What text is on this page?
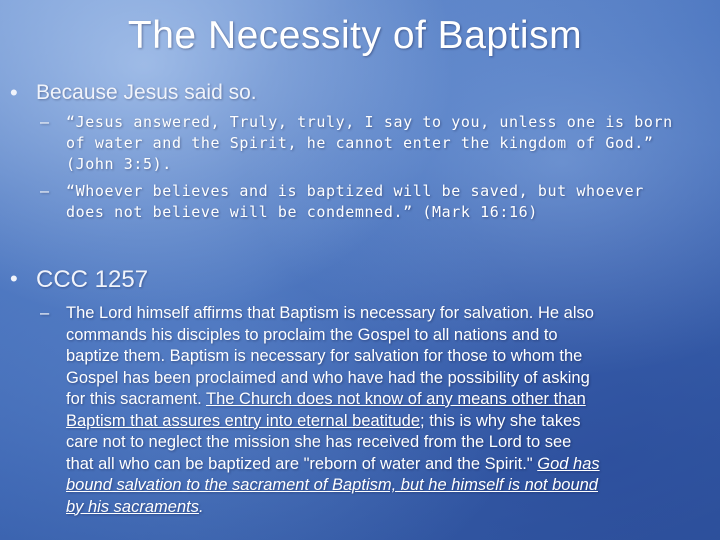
The Necessity of Baptism
• Because Jesus said so.
– “Jesus answered, Truly, truly, I say to you, unless one is born
of water and the Spirit, he cannot enter the kingdom of God.”
(John 3:5).
– “Whoever believes and is baptized will be saved, but whoever
does not believe will be condemned.” (Mark 16:16)
• CCC 1257
– The Lord himself affirms that Baptism is necessary for salvation. He also
commands his disciples to proclaim the Gospel to all nations and to
baptize them. Baptism is necessary for salvation for those to whom the
Gospel has been proclaimed and who have had the possibility of asking
for this sacrament. The Church does not know of any means other than
Baptism that assures entry into eternal beatitude; this is why she takes
care not to neglect the mission she has received from the Lord to see
that all who can be baptized are "reborn of water and the Spirit." God has
bound salvation to the sacrament of Baptism, but he himself is not bound
by his sacraments.
